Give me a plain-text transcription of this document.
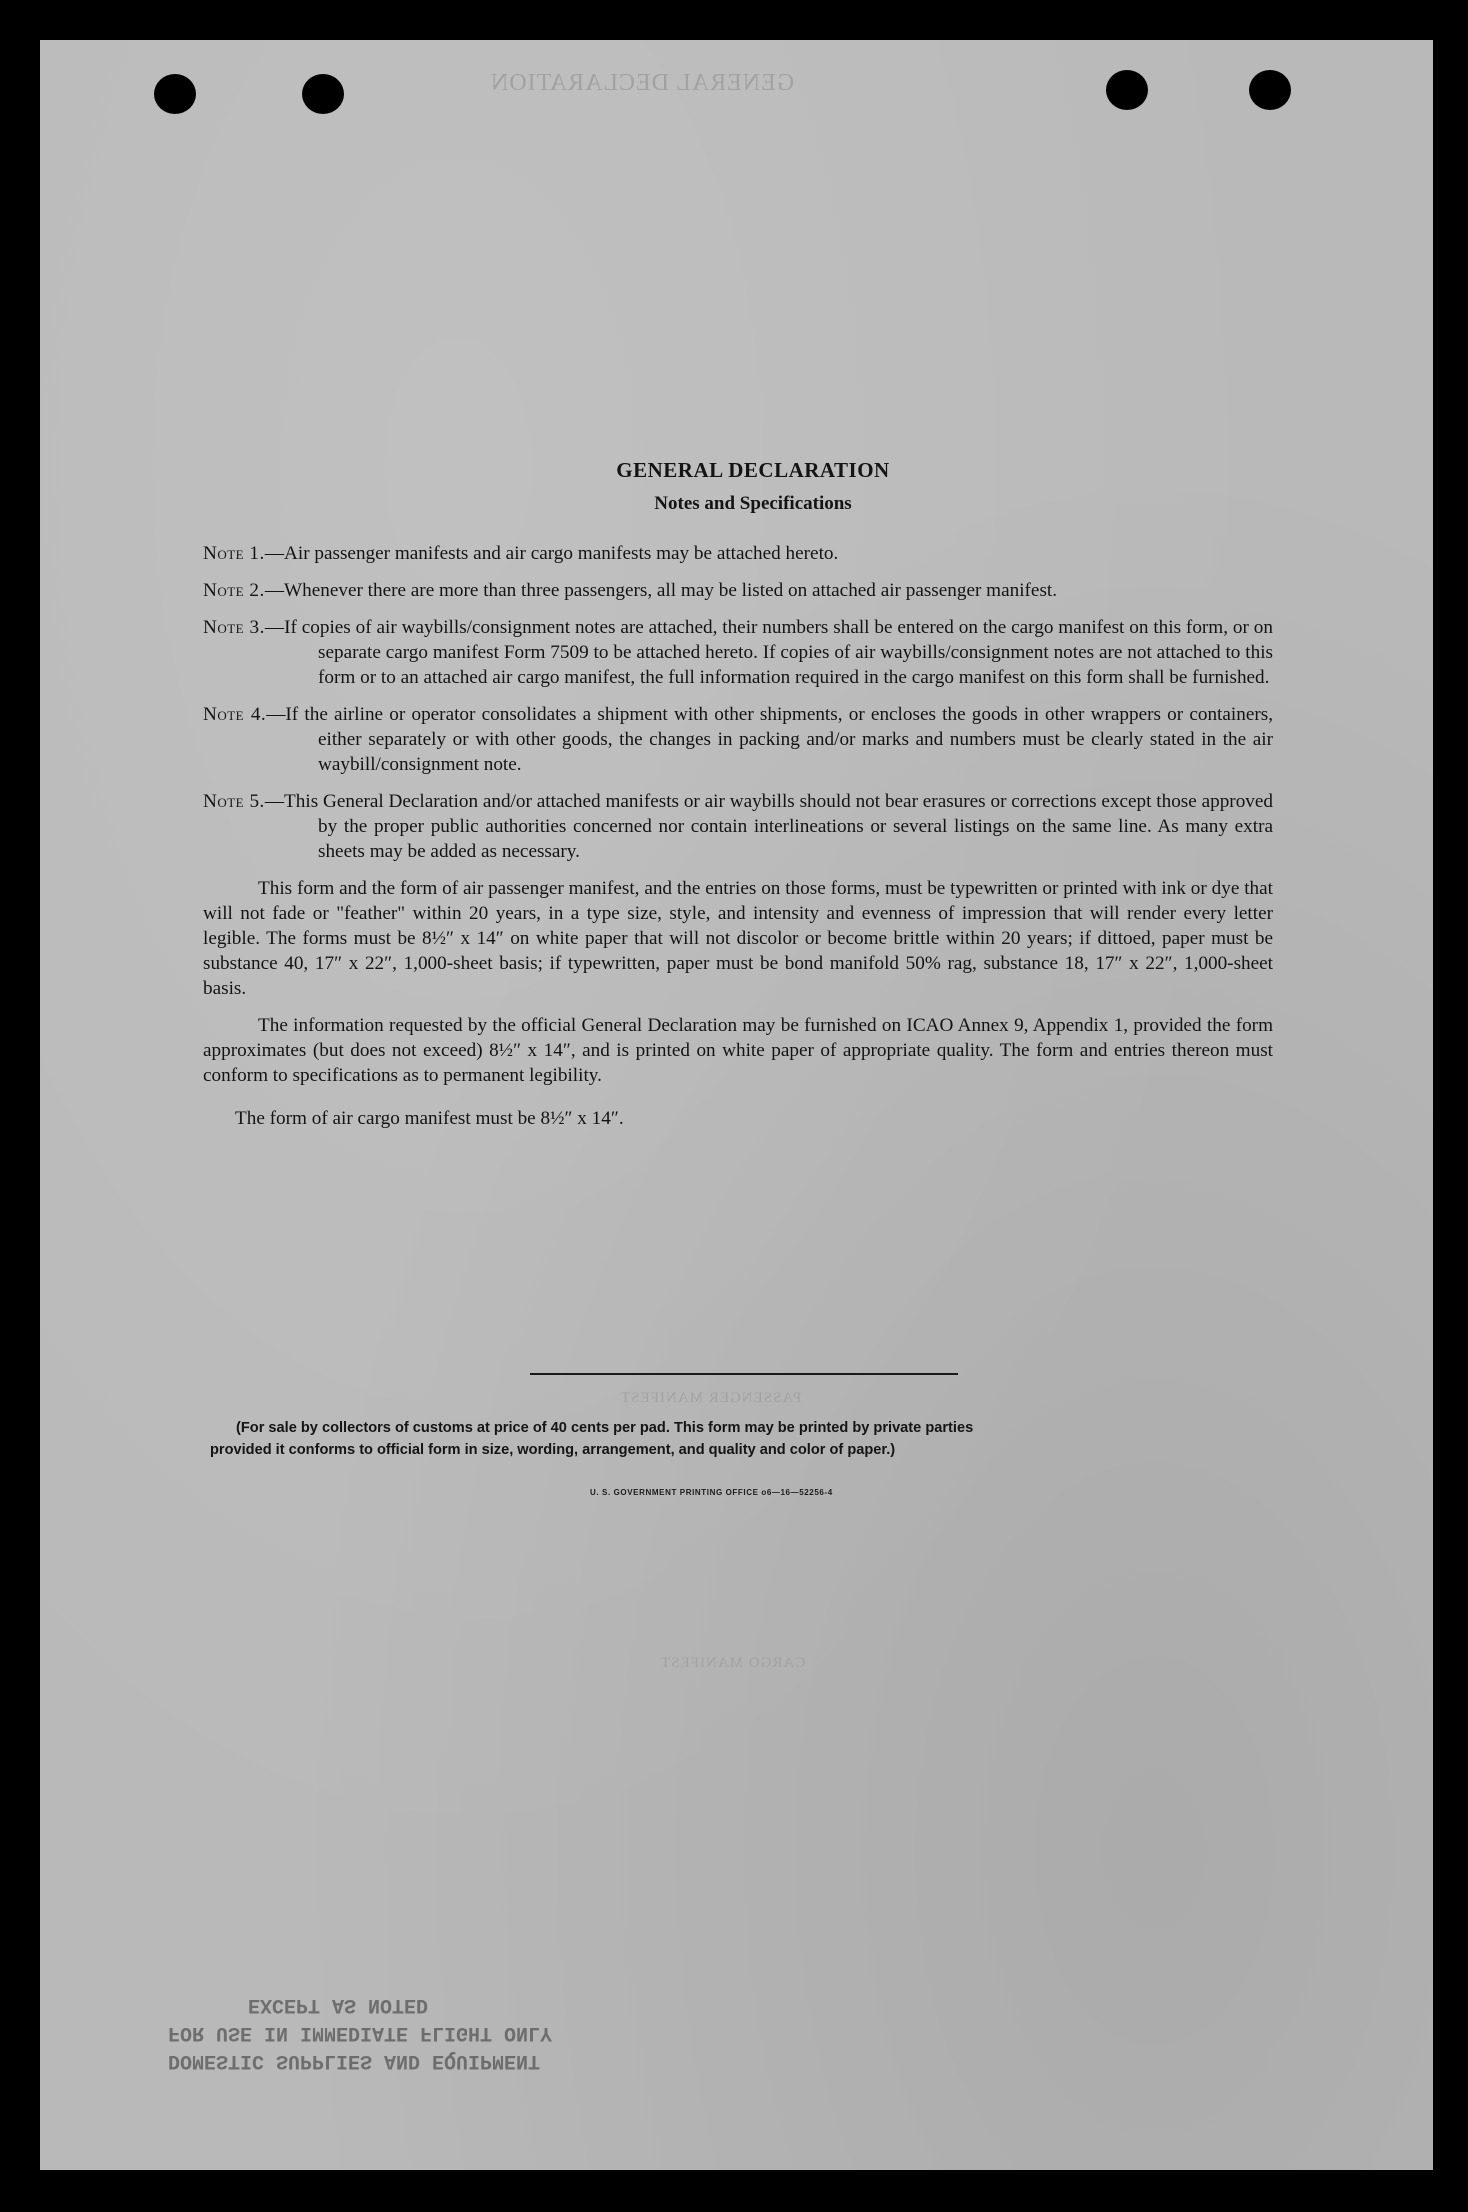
GENERAL DECLARATION
PASSENGER MANIFEST
CARGO MANIFEST
DOMESTIC SUPPLIES AND EQUIPMENT
FOR USE IN IMMEDIATE FLIGHT ONLY
EXCEPT AS NOTED
GENERAL DECLARATION
Notes and Specifications
Note 1.—Air passenger manifests and air cargo manifests may be attached hereto.
Note 2.—Whenever there are more than three passengers, all may be listed on attached air passenger manifest.
Note 3.—If copies of air waybills/consignment notes are attached, their numbers shall be entered on the cargo manifest on this form, or on separate cargo manifest Form 7509 to be attached hereto. If copies of air waybills/consignment notes are not attached to this form or to an attached air cargo manifest, the full information required in the cargo manifest on this form shall be furnished.
Note 4.—If the airline or operator consolidates a shipment with other shipments, or encloses the goods in other wrappers or containers, either separately or with other goods, the changes in packing and/or marks and numbers must be clearly stated in the air waybill/consignment note.
Note 5.—This General Declaration and/or attached manifests or air waybills should not bear erasures or corrections except those approved by the proper public authorities concerned nor contain interlineations or several listings on the same line. As many extra sheets may be added as necessary.

This form and the form of air passenger manifest, and the entries on those forms, must be typewritten or printed with ink or dye that will not fade or "feather" within 20 years, in a type size, style, and intensity and evenness of impression that will render every letter legible. The forms must be 8½″ x 14″ on white paper that will not discolor or become brittle within 20 years; if dittoed, paper must be substance 40, 17″ x 22″, 1,000-sheet basis; if typewritten, paper must be bond manifold 50% rag, substance 18, 17″ x 22″, 1,000-sheet basis.

The information requested by the official General Declaration may be furnished on ICAO Annex 9, Appendix 1, provided the form approximates (but does not exceed) 8½″ x 14″, and is printed on white paper of appropriate quality. The form and entries thereon must conform to specifications as to permanent legibility.

The form of air cargo manifest must be 8½″ x 14″.

(For sale by collectors of customs at price of 40 cents per pad. This form may be printed by private parties
provided it conforms to official form in size, wording, arrangement, and quality and color of paper.)
U. S. GOVERNMENT PRINTING OFFICE o6—16—52256-4
